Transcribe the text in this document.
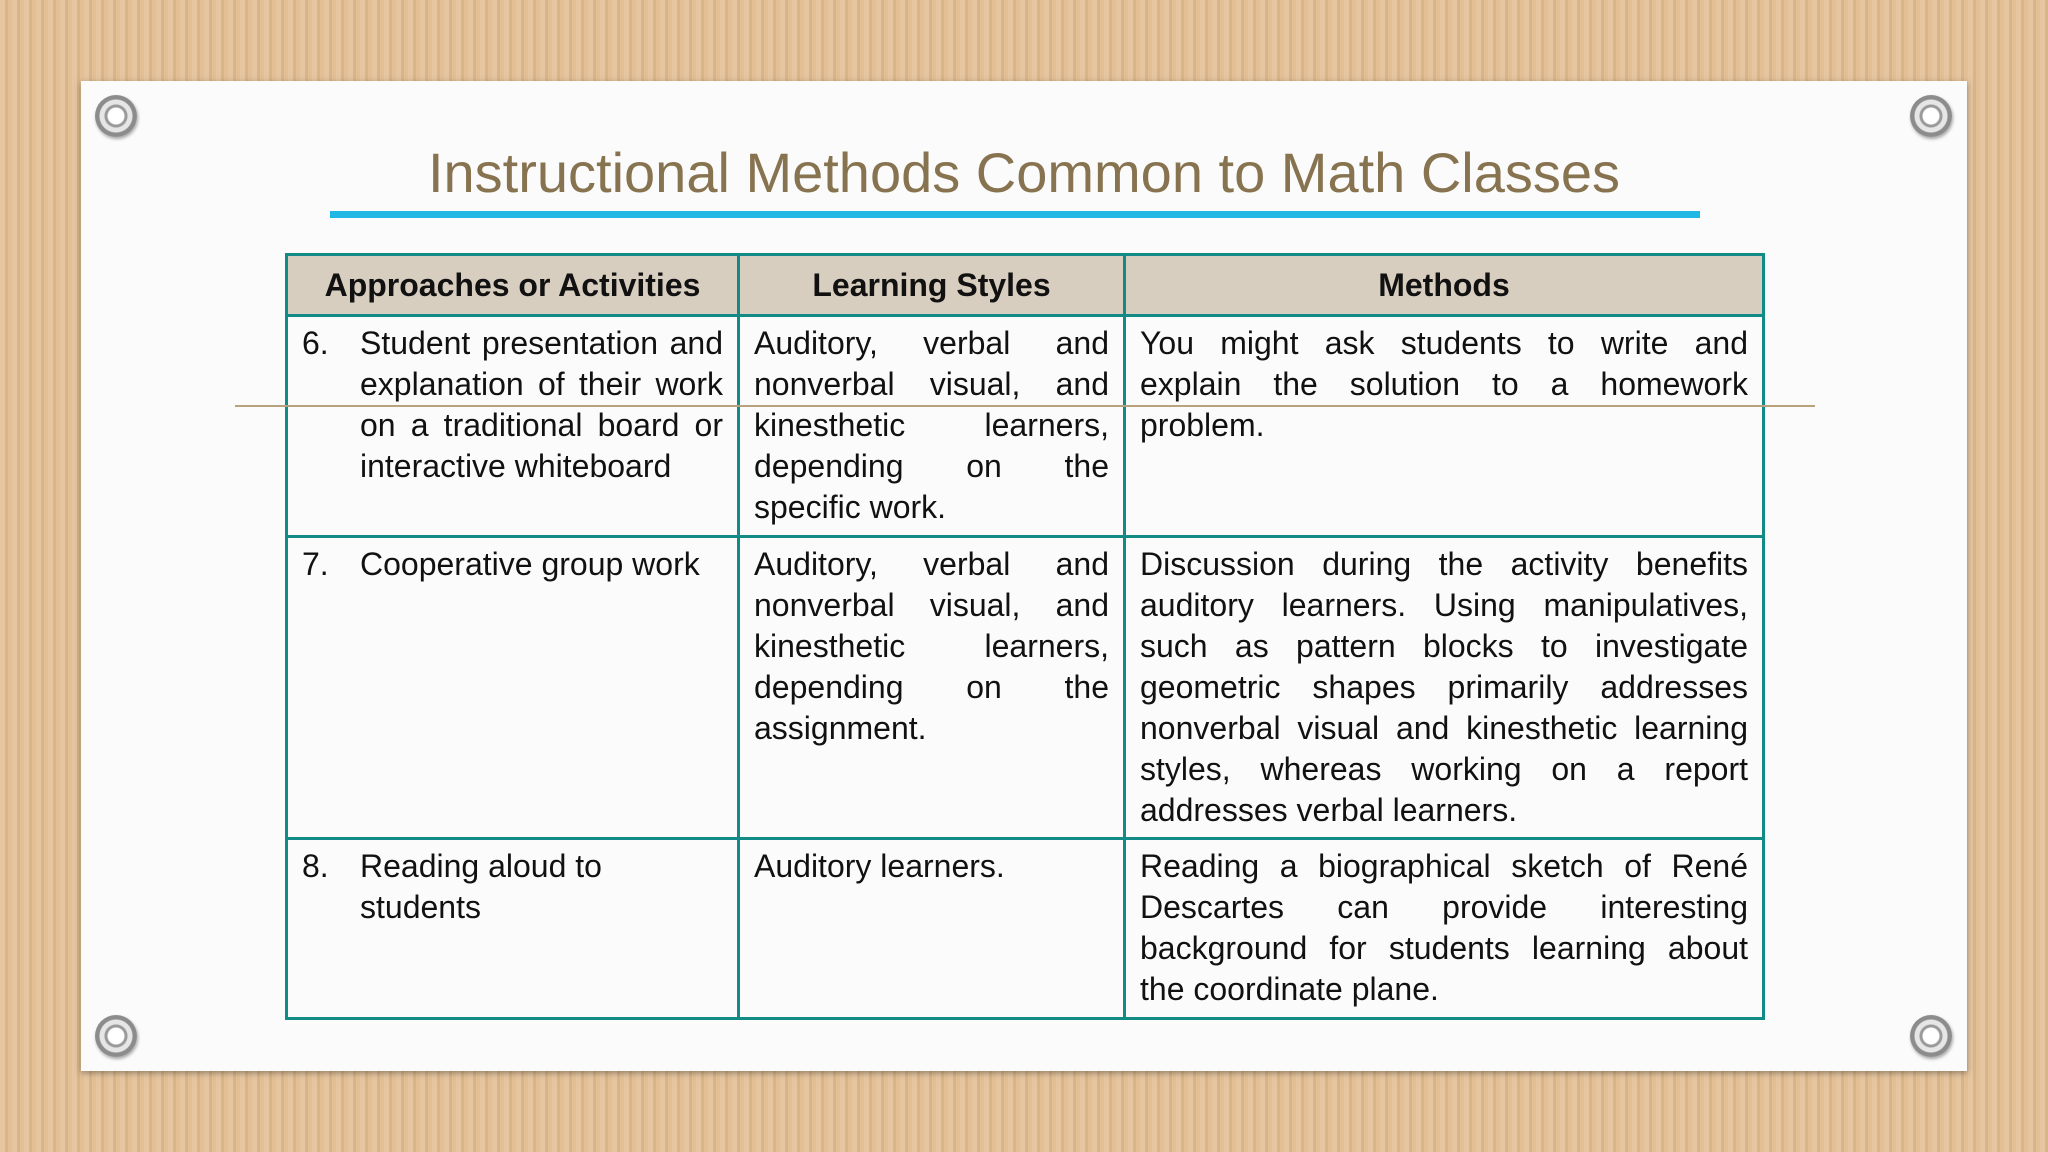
Instructional Methods Common to Math Classes
Approaches or Activities	Learning Styles	Methods

6. Student presentation and explanation of their work on a traditional board or interactive whiteboard	Auditory, verbal and nonverbal visual, and kinesthetic learners, depending on the specific work.	You might ask students to write and explain the solution to a homework problem.

7. Cooperative group work	Auditory, verbal and nonverbal visual, and kinesthetic learners, depending on the assignment.	Discussion during the activity benefits auditory learners. Using manipulatives, such as pattern blocks to investigate geometric shapes primarily addresses nonverbal visual and kinesthetic learning styles, whereas working on a report addresses verbal learners.

8. Reading aloud to students	Auditory learners.	Reading a biographical sketch of René Descartes can provide interesting background for students learning about the coordinate plane.
